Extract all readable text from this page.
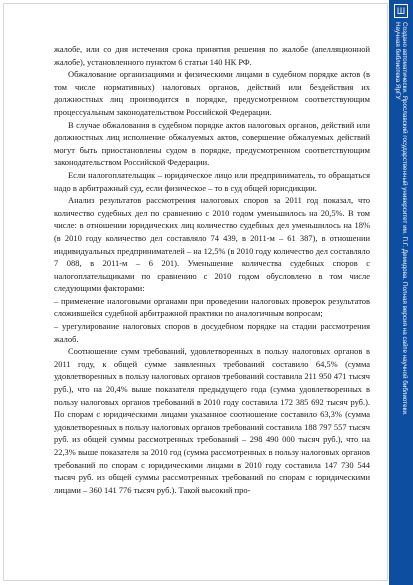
Ш
Создано автоматически. Ярославский государственный университет им. П.Г. Демидова. Полная версия на сайте научной библиотеки.
Научная библиотека ЯрГУ

жалобе, или со дня истечения срока принятия решения по жалобе (апелляционной жалобе), установленного пунктом 6 статьи 140 НК РФ.

Обжалование организациями и физическими лицами в судебном порядке актов (в том числе нормативных) налоговых органов, действий или бездействия их должностных лиц производится в порядке, предусмотренном соответствующим процессуальным законодательством Российской Федерации.

В случае обжалования в судебном порядке актов налоговых органов, действий или должностных лиц исполнение обжалуемых актов, совершение обжалуемых действий могут быть приостановлены судом в порядке, предусмотренном соответствующим законодательством Российской Федерации.

Если налогоплательщик – юридическое лицо или предприниматель, то обращаться надо в арбитражный суд, если физическое – то в суд общей юрисдикции.

Анализ результатов рассмотрения налоговых споров за 2011 год показал, что количество судебных дел по сравнению с 2010 годом уменьшилось на 20,5%. В том числе: в отношении юридических лиц количество судебных дел уменьшилось на 18% (в 2010 году количество дел составляло 74 439, в 2011-м – 61 387), в отношении индивидуальных предпринимателей – на 12,5% (в 2010 году количество дел составляло 7 088, в 2011-м – 6 201). Уменьшение количества судебных споров с налогоплательщиками по сравнению с 2010 годом обусловлено в том числе следующими факторами:

– применение налоговыми органами при проведении налоговых проверок результатов сложившейся судебной арбитражной практики по аналогичным вопросам;

– урегулирование налоговых споров в досудебном порядке на стадии рассмотрения жалоб.

Соотношение сумм требований, удовлетворенных в пользу налоговых органов в 2011 году, к общей сумме заявленных требований составило 64,5% (сумма удовлетворенных в пользу налоговых органов требований составила 211 950 471 тысяч руб.), что на 20,4% выше показателя предыдущего года (сумма удовлетворенных в пользу налоговых органов требований в 2010 году составила 172 385 692 тысяч руб.). По спорам с юридическими лицами указанное соотношение составило 63,3% (сумма удовлетворенных в пользу налоговых органов требований составила 188 797 557 тысяч руб. из общей суммы рассмотренных требований – 298 490 000 тысяч руб.), что на 22,3% выше показателя за 2010 год (сумма рассмотренных в пользу налоговых органов требований по спорам с юридическими лицами в 2010 году составила 147 730 544 тысяч руб. из общей суммы рассмотренных требований по спорам с юридическими лицами – 360 141 776 тысяч руб.). Такой высокий про-
